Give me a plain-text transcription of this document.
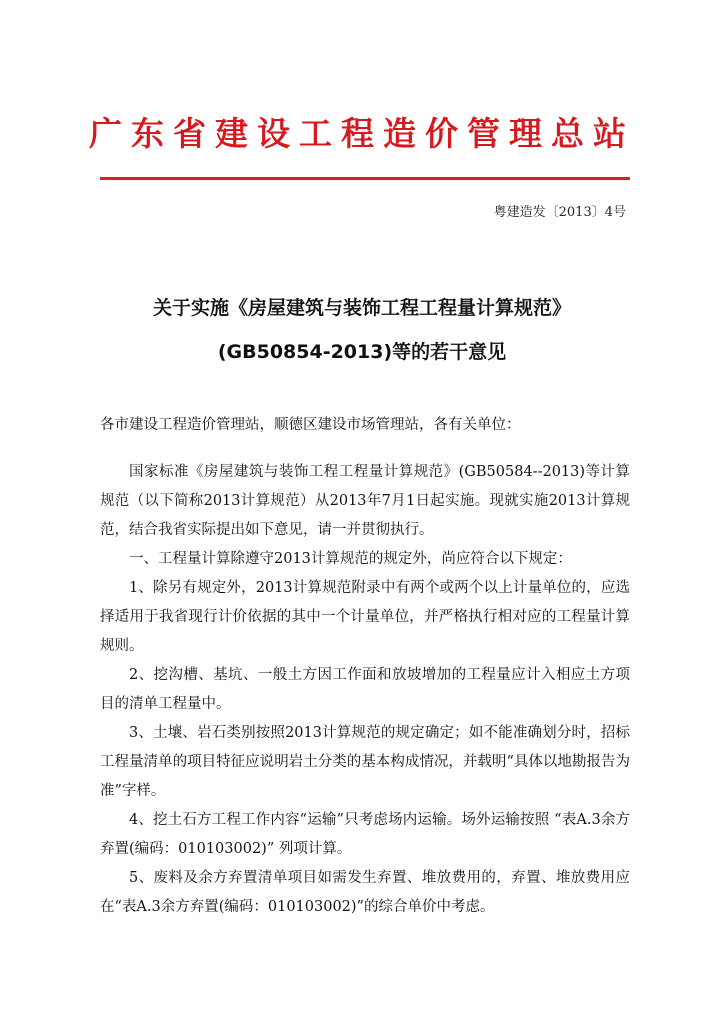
广东省建设工程造价管理总站
粤建造发〔2013〕4号
关于实施《房屋建筑与装饰工程工程量计算规范》
(GB50854-2013)等的若干意见
各市建设工程造价管理站，顺德区建设市场管理站，各有关单位：

国家标准《房屋建筑与装饰工程工程量计算规范》(GB50584--2013)等计算规范（以下简称2013计算规范）从2013年7月1日起实施。现就实施2013计算规范，结合我省实际提出如下意见，请一并贯彻执行。

一、工程量计算除遵守2013计算规范的规定外，尚应符合以下规定：

1、除另有规定外，2013计算规范附录中有两个或两个以上计量单位的，应选择适用于我省现行计价依据的其中一个计量单位，并严格执行相对应的工程量计算规则。

2、挖沟槽、基坑、一般土方因工作面和放坡增加的工程量应计入相应土方项目的清单工程量中。

3、土壤、岩石类别按照2013计算规范的规定确定；如不能准确划分时，招标工程量清单的项目特征应说明岩土分类的基本构成情况，并载明“具体以地勘报告为准”字样。

4、挖土石方工程工作内容“运输”只考虑场内运输。场外运输按照 “表A.3余方弃置(编码：010103002)” 列项计算。

5、废料及余方弃置清单项目如需发生弃置、堆放费用的，弃置、堆放费用应在“表A.3余方弃置(编码：010103002)”的综合单价中考虑。
